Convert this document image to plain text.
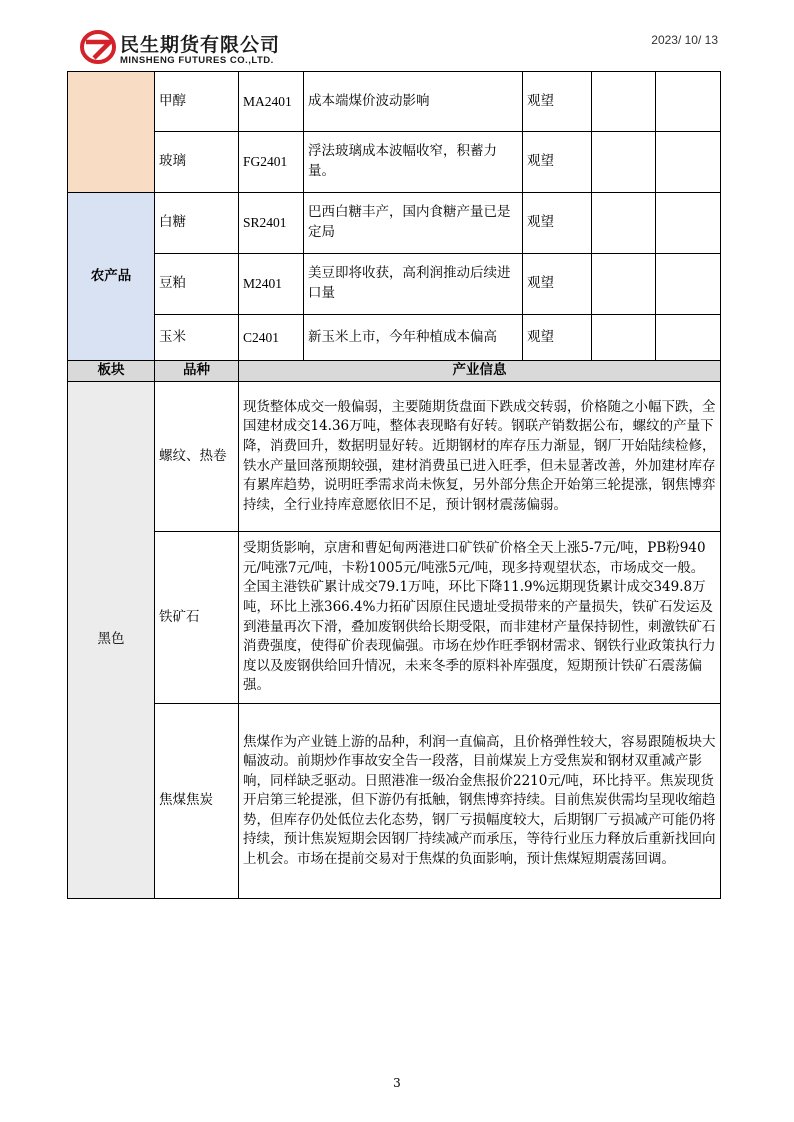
民生期货有限公司
MINSHENG FUTURES CO.,LTD.
2023/ 10/ 13
	甲醇	MA2401	成本端煤价波动影响	观望		
	玻璃	FG2401	浮法玻璃成本波幅收窄，积蓄力量。	观望		
农产品	白糖	SR2401	巴西白糖丰产，国内食糖产量已是定局	观望		
	豆粕	M2401	美豆即将收获，高利润推动后续进口量	观望		
	玉米	C2401	新玉米上市，今年种植成本偏高	观望		
板块	品种	产业信息				
黑色	螺纹、热卷	现货整体成交一般偏弱，主要随期货盘面下跌成交转弱，价格随之小幅下跌，全国建材成交14.36万吨，整体表现略有好转。钢联产销数据公布，螺纹的产量下降，消费回升，数据明显好转。近期钢材的库存压力渐显，钢厂开始陆续检修，铁水产量回落预期较强，建材消费虽已进入旺季，但未显著改善，外加建材库存有累库趋势，说明旺季需求尚未恢复，另外部分焦企开始第三轮提涨，钢焦博弈持续，全行业持库意愿依旧不足，预计钢材震荡偏弱。				
	铁矿石	受期货影响，京唐和曹妃甸两港进口矿铁矿价格全天上涨5-7元/吨，PB粉940元/吨涨7元/吨，卡粉1005元/吨涨5元/吨，现多持观望状态，市场成交一般。全国主港铁矿累计成交79.1万吨，环比下降11.9%远期现货累计成交349.8万吨，环比上涨366.4%力拓矿因原住民遗址受损带来的产量损失，铁矿石发运及到港量再次下滑，叠加废钢供给长期受限，而非建材产量保持韧性，刺激铁矿石消费强度，使得矿价表现偏强。市场在炒作旺季钢材需求、钢铁行业政策执行力度以及废钢供给回升情况，未来冬季的原料补库强度，短期预计铁矿石震荡偏强。				
	焦煤焦炭	焦煤作为产业链上游的品种，利润一直偏高，且价格弹性较大，容易跟随板块大幅波动。前期炒作事故安全告一段落，目前煤炭上方受焦炭和钢材双重减产影响，同样缺乏驱动。日照港准一级冶金焦报价2210元/吨，环比持平。焦炭现货开启第三轮提涨，但下游仍有抵触，钢焦博弈持续。目前焦炭供需均呈现收缩趋势，但库存仍处低位去化态势，钢厂亏损幅度较大，后期钢厂亏损减产可能仍将持续，预计焦炭短期会因钢厂持续减产而承压，等待行业压力释放后重新找回向上机会。市场在提前交易对于焦煤的负面影响，预计焦煤短期震荡回调。				
3
